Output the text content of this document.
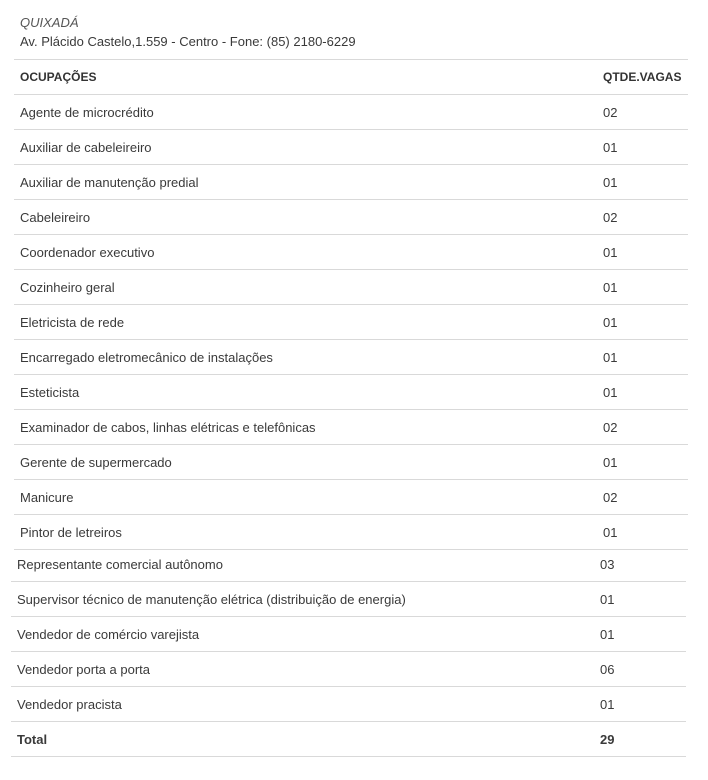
QUIXADÁ
Av. Plácido Castelo,1.559 - Centro - Fone: (85) 2180-6229
OCUPAÇÕES	QTDE.VAGAS
Agente de microcrédito	02
Auxiliar de cabeleireiro	01
Auxiliar de manutenção predial	01
Cabeleireiro	02
Coordenador executivo	01
Cozinheiro geral	01
Eletricista de rede	01
Encarregado eletromecânico de instalações	01
Esteticista	01
Examinador de cabos, linhas elétricas e telefônicas	02
Gerente de supermercado	01
Manicure	02
Pintor de letreiros	01
Representante comercial autônomo	03
Supervisor técnico de manutenção elétrica (distribuição de energia)	01
Vendedor de comércio varejista	01
Vendedor porta a porta	06
Vendedor pracista	01
Total	29
